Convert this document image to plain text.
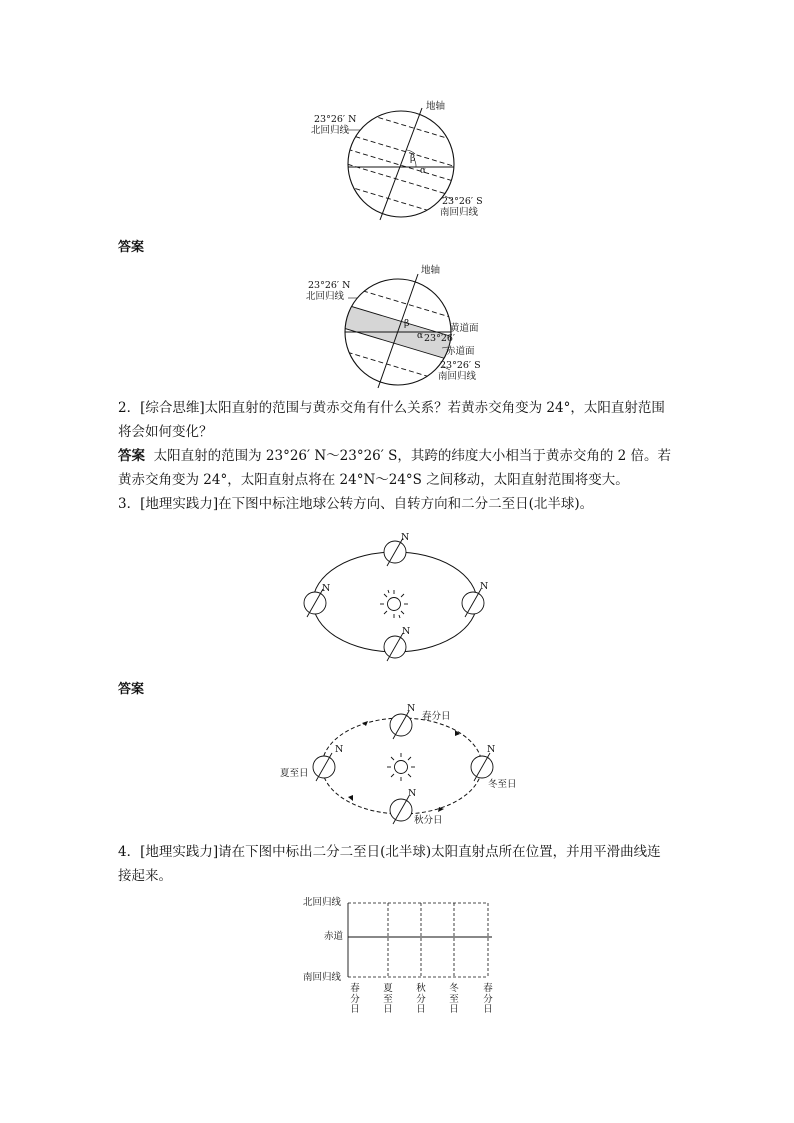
地轴
23°26′ N
北回归线
β
α
23°26′ S
南回归线
答案
地轴
23°26′ N
北回归线
β
α 23°26′
黄道面
赤道面
23°26′ S
南回归线
2．[综合思维]太阳直射的范围与黄赤交角有什么关系？若黄赤交角变为 24°，太阳直射范围
将会如何变化？
答案 太阳直射的范围为 23°26′ N～23°26′ S，其跨的纬度大小相当于黄赤交角的 2 倍。若
黄赤交角变为 24°，太阳直射点将在 24°N～24°S 之间移动，太阳直射范围将变大。
3．[地理实践力]在下图中标注地球公转方向、自转方向和二分二至日(北半球)。
N
N	N
N
答案
N
N	N
N
春分日
夏至日
冬至日
秋分日
4．[地理实践力]请在下图中标出二分二至日(北半球)太阳直射点所在位置，并用平滑曲线连
接起来。
北回归线
赤道
南回归线
春分日
夏至日
秋分日
冬至日
春分日
